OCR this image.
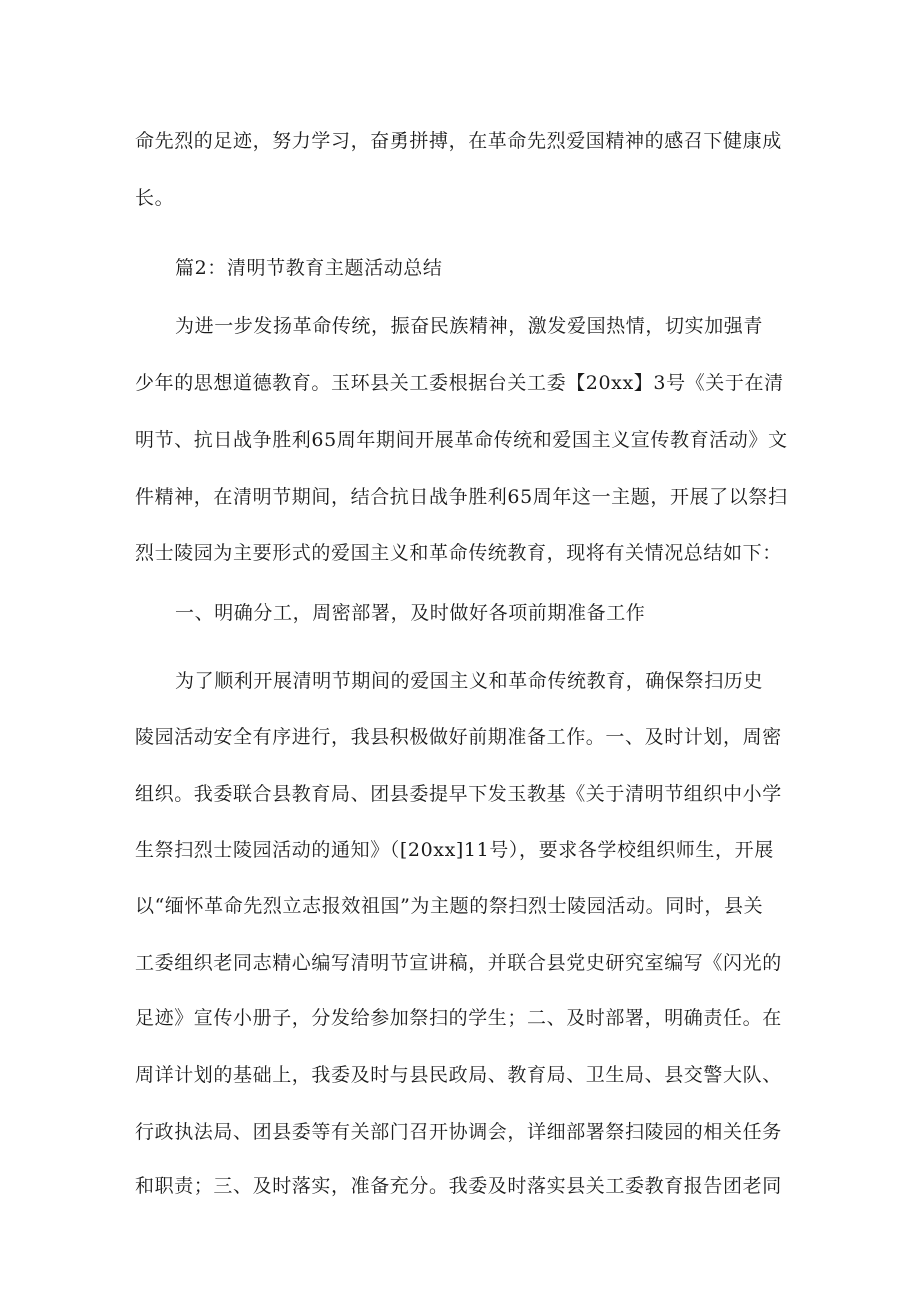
命先烈的足迹，努力学习，奋勇拼搏，在革命先烈爱国精神的感召下健康成
长。
篇2：清明节教育主题活动总结
为进一步发扬革命传统，振奋民族精神，激发爱国热情，切实加强青
少年的思想道德教育。玉环县关工委根据台关工委【20xx】3号《关于在清
明节、抗日战争胜利65周年期间开展革命传统和爱国主义宣传教育活动》文
件精神，在清明节期间，结合抗日战争胜利65周年这一主题，开展了以祭扫
烈士陵园为主要形式的爱国主义和革命传统教育，现将有关情况总结如下：
一、明确分工，周密部署，及时做好各项前期准备工作
为了顺利开展清明节期间的爱国主义和革命传统教育，确保祭扫历史
陵园活动安全有序进行，我县积极做好前期准备工作。一、及时计划，周密
组织。我委联合县教育局、团县委提早下发玉教基《关于清明节组织中小学
生祭扫烈士陵园活动的通知》（[20xx]11号），要求各学校组织师生，开展
以“缅怀革命先烈立志报效祖国”为主题的祭扫烈士陵园活动。同时，县关
工委组织老同志精心编写清明节宣讲稿，并联合县党史研究室编写《闪光的
足迹》宣传小册子，分发给参加祭扫的学生；二、及时部署，明确责任。在
周详计划的基础上，我委及时与县民政局、教育局、卫生局、县交警大队、
行政执法局、团县委等有关部门召开协调会，详细部署祭扫陵园的相关任务
和职责；三、及时落实，准备充分。我委及时落实县关工委教育报告团老同
